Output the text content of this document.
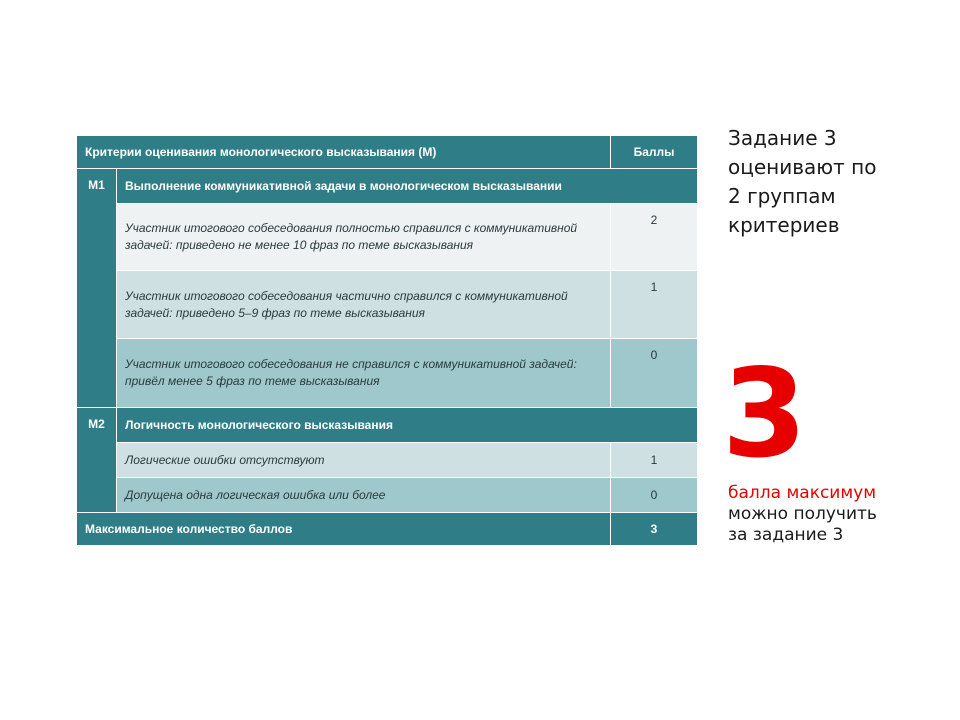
Критерии оценивания монологического высказывания (М)		Баллы
М1	Выполнение коммуникативной задачи в монологическом высказывании	
	Участник итогового собеседования полностью справился с коммуникативной задачей: приведено не менее 10 фраз по теме высказывания	2
	Участник итогового собеседования частично справился с коммуникативной задачей: приведено 5–9 фраз по теме высказывания	1
	Участник итогового собеседования не справился с коммуникативной задачей: привёл менее 5 фраз по теме высказывания	0
М2	Логичность монологического высказывания	
	Логические ошибки отсутствуют	1
	Допущена одна логическая ошибка или более	0
Максимальное количество баллов		3
Задание 3
оценивают по
2 группам
критериев
3
балла максимум
можно получить
за задание 3
